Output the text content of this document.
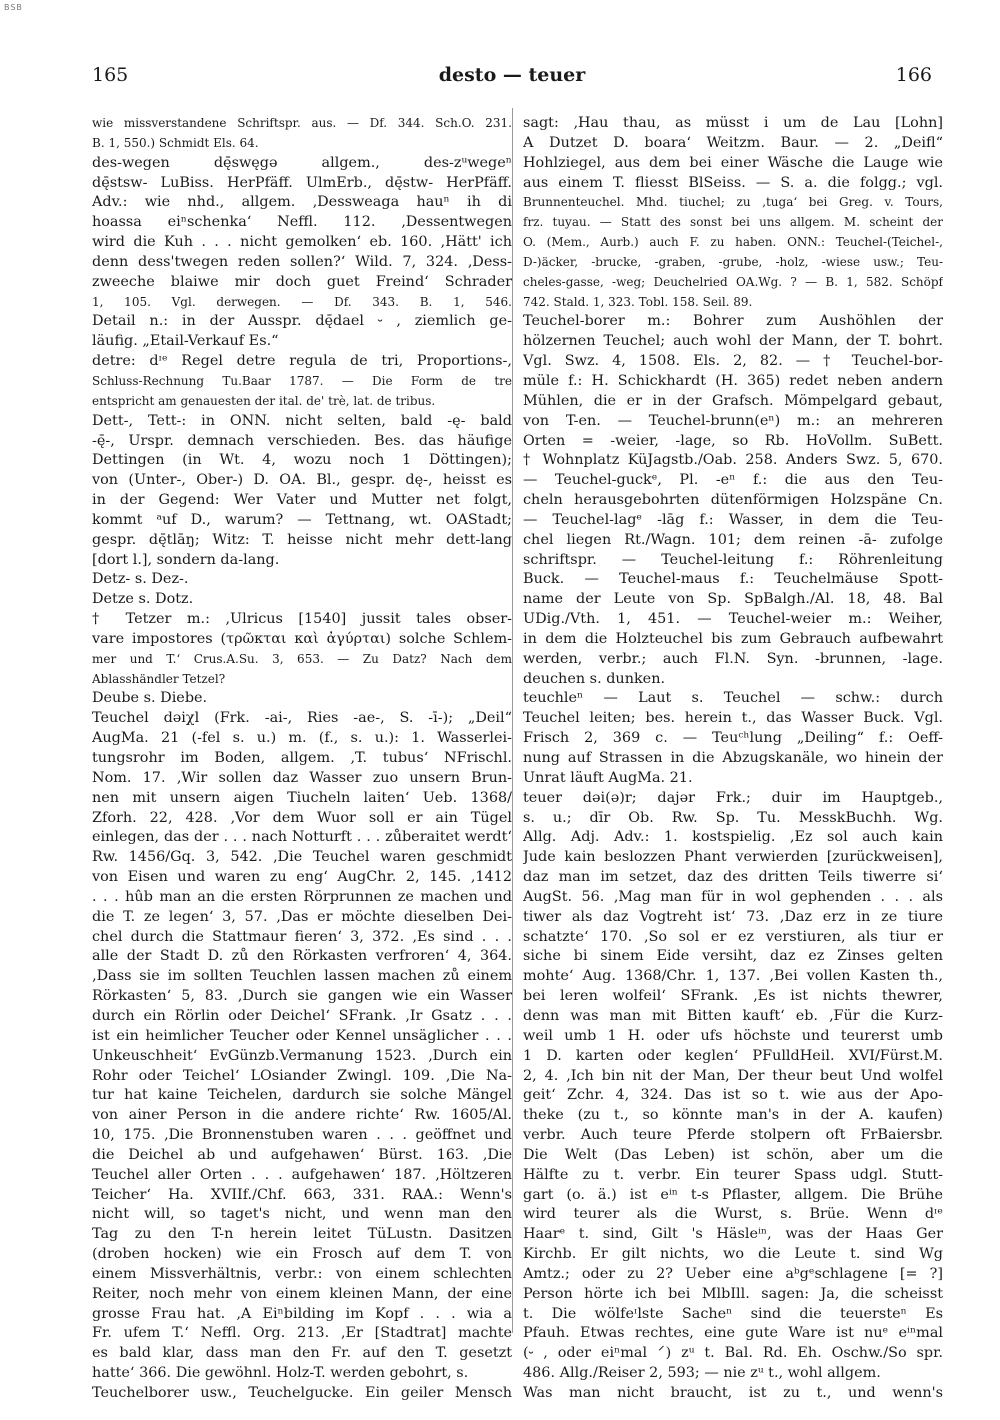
BSB
165	desto — teuer	166
wie missverstandene Schriftspr. aus. — Df. 344. Sch.O. 231.
B. 1, 550.) Schmidt Els. 64.
des-wegen dę̄swęgə allgem., des-zᵘwegeⁿ
dę̄stsw- LuBiss. HerPfäff. UlmErb., dę̄stw- HerPfäff.
Adv.: wie nhd., allgem. ‚Dessweaga hauⁿ ih di
hoassa eiⁿschenka‘ Neffl. 112. ‚Dessentwegen
wird die Kuh . . . nicht gemolken‘ eb. 160. ‚Hätt' ich
denn dess'twegen reden sollen?‘ Wild. 7, 324. ‚Dess-
zweeche blaiwe mir doch guet Freind‘ Schrader
1, 105. Vgl. derwegen. — Df. 343. B. 1, 546.
Detail n.: in der Ausspr. dę̄dael ⏑ , ziemlich ge-
läufig. „Etail-Verkauf Es.“
detre: dᶦᵉ Regel detre regula de tri, Proportions-,
Schluss-Rechnung Tu.Baar 1787. — Die Form de tre
entspricht am genauesten der ital. de' trè, lat. de tribus.
Dett-, Tett-: in ONN. nicht selten, bald -ę- bald
-ę̄-, Urspr. demnach verschieden. Bes. das häufige
Dettingen (in Wt. 4, wozu noch 1 Döttingen);
von (Unter-, Ober-) D. OA. Bl., gespr. dę-, heisst es
in der Gegend: Wer Vater und Mutter net folgt,
kommt ᵃuf D., warum? — Tettnang, wt. OAStadt;
gespr. dę̄tlāŋ; Witz: T. heisse nicht mehr dett-lang
[dort l.], sondern da-lang.
Detz- s. Dez-.
Detze s. Dotz.
† Tetzer m.: ‚Ulricus [1540] jussit tales obser-
vare impostores (τρῶκται καὶ ἀγύρται) solche Schlem-
mer und T.‘ Crus.A.Su. 3, 653. — Zu Datz? Nach dem
Ablasshändler Tetzel?
Deube s. Diebe.
Teuchel dəiχl (Frk. -ai-, Ries -ae-, S. -ī-); „Deil“
AugMa. 21 (-fel s. u.) m. (f., s. u.): 1. Wasserlei-
tungsrohr im Boden, allgem. ‚T. tubus‘ NFrischl.
Nom. 17. ‚Wir sollen daz Wasser zuo unsern Brun-
nen mit unsern aigen Tiucheln laiten‘ Ueb. 1368/
Zforh. 22, 428. ‚Vor dem Wuor soll er ain Tügel
einlegen, das der . . . nach Notturft . . . zůberaitet werdt‘
Rw. 1456/Gq. 3, 542. ‚Die Teuchel waren geschmidt
von Eisen und waren zu eng‘ AugChr. 2, 145. ‚1412
. . . hûb man an die ersten Rörprunnen ze machen und
die T. ze legen‘ 3, 57. ‚Das er möchte dieselben Dei-
chel durch die Stattmaur fieren‘ 3, 372. ‚Es sind . . .
alle der Stadt D. zů den Rörkasten verfroren‘ 4, 364.
‚Dass sie im sollten Teuchlen lassen machen zů einem
Rörkasten‘ 5, 83. ‚Durch sie gangen wie ein Wasser
durch ein Rörlin oder Deichel‘ SFrank. ‚Ir Gsatz . . .
ist ein heimlicher Teucher oder Kennel unsäglicher . . .
Unkeuschheit‘ EvGünzb.Vermanung 1523. ‚Durch ein
Rohr oder Teichel‘ LOsiander Zwingl. 109. ‚Die Na-
tur hat kaine Teichelen, dardurch sie solche Mängel
von ainer Person in die andere richte‘ Rw. 1605/Al.
10, 175. ‚Die Bronnenstuben waren . . . geöffnet und
die Deichel ab und aufgehawen‘ Bürst. 163. ‚Die
Teuchel aller Orten . . . aufgehawen‘ 187. ‚Höltzeren
Teicher‘ Ha. XVIIf./Chf. 663, 331. RAA.: Wenn's
nicht will, so taget's nicht, und wenn man den
Tag zu den T-n herein leitet TüLustn. Dasitzen
(droben hocken) wie ein Frosch auf dem T. von
einem Missverhältnis, verbr.: von einem schlechten
Reiter, noch mehr von einem kleinen Mann, der eine
grosse Frau hat. ‚A Eiⁿbilding im Kopf . . . wia a
Fr. ufem T.‘ Neffl. Org. 213. ‚Er [Stadtrat] machte
es bald klar, dass man den Fr. auf den T. gesetzt
hatte‘ 366. Die gewöhnl. Holz-T. werden gebohrt, s.
Teuchelborer usw., Teuchelgucke. Ein geiler Mensch
sagt: ‚Hau thau, as müsst i um de Lau [Lohn]
A Dutzet D. boara‘ Weitzm. Baur. — 2. „Deifl“
Hohlziegel, aus dem bei einer Wäsche die Lauge wie
aus einem T. fliesst BlSeiss. — S. a. die folgg.; vgl.
Brunnenteuchel. Mhd. tiuchel; zu ‚tuga‘ bei Greg. v. Tours,
frz. tuyau. — Statt des sonst bei uns allgem. M. scheint der
O. (Mem., Aurb.) auch F. zu haben. ONN.: Teuchel-(Teichel-,
D-)äcker, -brucke, -graben, -grube, -holz, -wiese usw.; Teu-
cheles-gasse, -weg; Deuchelried OA.Wg. ? — B. 1, 582. Schöpf
742. Stald. 1, 323. Tobl. 158. Seil. 89.
Teuchel-borer m.: Bohrer zum Aushöhlen der
hölzernen Teuchel; auch wohl der Mann, der T. bohrt.
Vgl. Swz. 4, 1508. Els. 2, 82. — † Teuchel-bor-
müle f.: H. Schickhardt (H. 365) redet neben andern
Mühlen, die er in der Grafsch. Mömpelgard gebaut,
von T-en. — Teuchel-brunn(eⁿ) m.: an mehreren
Orten = -weier, -lage, so Rb. HoVollm. SuBett.
† Wohnplatz KüJagstb./Oab. 258. Anders Swz. 5, 670.
— Teuchel-guckᵉ, Pl. -eⁿ f.: die aus den Teu-
cheln herausgebohrten dütenförmigen Holzspäne Cn.
— Teuchel-lagᵉ -lāg f.: Wasser, in dem die Teu-
chel liegen Rt./Wagn. 101; dem reinen -ā- zufolge
schriftspr. — Teuchel-leitung f.: Röhrenleitung
Buck. — Teuchel-maus f.: Teuchelmäuse Spott-
name der Leute von Sp. SpBalgh./Al. 18, 48. Bal
UDig./Vth. 1, 451. — Teuchel-weier m.: Weiher,
in dem die Holzteuchel bis zum Gebrauch aufbewahrt
werden, verbr.; auch Fl.N. Syn. -brunnen, -lage.
deuchen s. dunken.
teuchleⁿ — Laut s. Teuchel — schw.: durch
Teuchel leiten; bes. herein t., das Wasser Buck. Vgl.
Frisch 2, 369 c. — Teuᶜʰlung „Deiling“ f.: Oeff-
nung auf Strassen in die Abzugskanäle, wo hinein der
Unrat läuft AugMa. 21.
teuer dəi(ə)r; dajər Frk.; duir im Hauptgeb.,
s. u.; dīr Ob. Rw. Sp. Tu. MesskBuchh. Wg.
Allg. Adj. Adv.: 1. kostspielig. ‚Ez sol auch kain
Jude kain beslozzen Phant verwierden [zurückweisen],
daz man im setzet, daz des dritten Teils tiwerre si‘
AugSt. 56. ‚Mag man für in wol gephenden . . . als
tiwer als daz Vogtreht ist‘ 73. ‚Daz erz in ze tiure
schatzte‘ 170. ‚So sol er ez verstiuren, als tiur er
siche bi sinem Eide versiht, daz ez Zinses gelten
mohte‘ Aug. 1368/Chr. 1, 137. ‚Bei vollen Kasten th.,
bei leren wolfeil‘ SFrank. ‚Es ist nichts thewrer,
denn was man mit Bitten kauft‘ eb. ‚Für die Kurz-
weil umb 1 H. oder ufs höchste und teurerst umb
1 D. karten oder keglen‘ PFulldHeil. XVI/Fürst.M.
2, 4. ‚Ich bin nit der Man, Der theur beut Und wolfel
geit‘ Zchr. 4, 324. Das ist so t. wie aus der Apo-
theke (zu t., so könnte man's in der A. kaufen)
verbr. Auch teure Pferde stolpern oft FrBaiersbr.
Die Welt (Das Leben) ist schön, aber um die
Hälfte zu t. verbr. Ein teurer Spass udgl. Stutt-
gart (o. ä.) ist eⁱⁿ t-s Pflaster, allgem. Die Brühe
wird teurer als die Wurst, s. Brüe. Wenn dᶦᵉ
Haarᵉ t. sind, Gilt 's Häsleⁱⁿ, was der Haas Ger
Kirchb. Er gilt nichts, wo die Leute t. sind Wg
Amtz.; oder zu 2? Ueber eine aᵇgᵉschlagene [= ?]
Person hörte ich bei MlbIll. sagen: Ja, die scheisst
t. Die wölfeᶦlste Sacheⁿ sind die teuersteⁿ Es
Pfauh. Etwas rechtes, eine gute Ware ist nuᵉ eⁱⁿmal
(⏑ , oder eiⁿmal ⸍) zᵘ t. Bal. Rd. Eh. Oschw./So spr.
486. Allg./Reiser 2, 593; — nie zᵘ t., wohl allgem.
Was man nicht braucht, ist zu t., und wenn's
